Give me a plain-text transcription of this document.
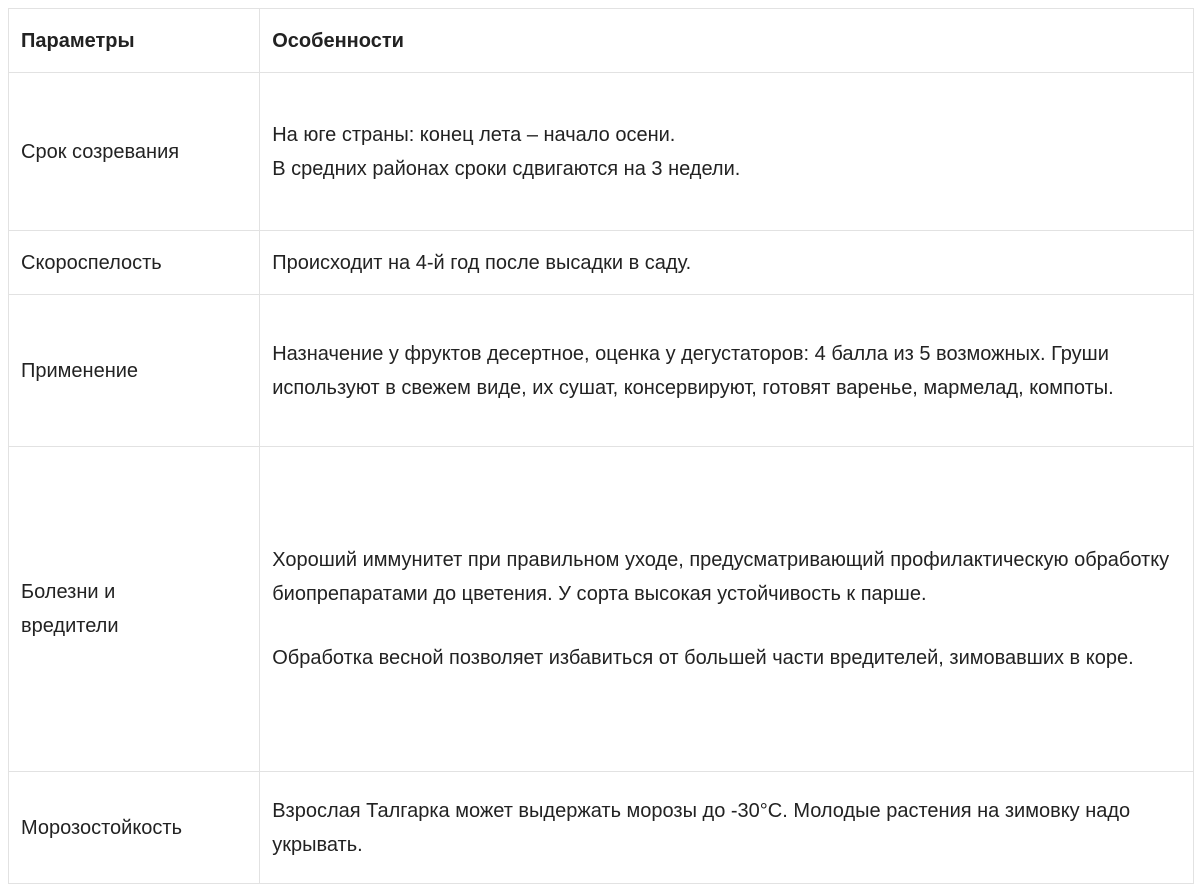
Параметры	Особенности
Срок созревания	На юге страны: конец лета – начало осени.

В средних районах сроки сдвигаются на 3 недели.

Скороспелость	Происходит на 4-й год после высадки в саду.

Применение	Назначение у фруктов десертное, оценка у дегустаторов: 4 балла из 5 возможных. Груши используют в свежем виде, их сушат, консервируют, готовят варенье, мармелад, компоты.

Болезни и вредители	Хороший иммунитет при правильном уходе, предусматривающий профилактическую обработку биопрепаратами до цветения. У сорта высокая устойчивость к парше.

Обработка весной позволяет избавиться от большей части вредителей, зимовавших в коре.

Морозостойкость	Взрослая Талгарка может выдержать морозы до -30°С. Молодые растения на зимовку надо укрывать.
